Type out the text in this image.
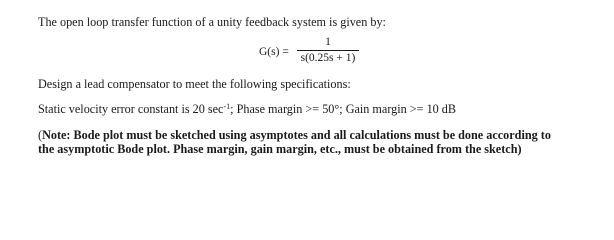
The open loop transfer function of a unity feedback system is given by:
G(s) =
1
s(0.25s + 1)
Design a lead compensator to meet the following specifications:
Static velocity error constant is 20 $\sec^{-1}$; Phase margin >= 50°; Gain margin >= 10 dB
(Note: Bode plot must be sketched using asymptotes and all calculations must be done according to
the asymptotic Bode plot. Phase margin, gain margin, etc., must be obtained from the sketch)
